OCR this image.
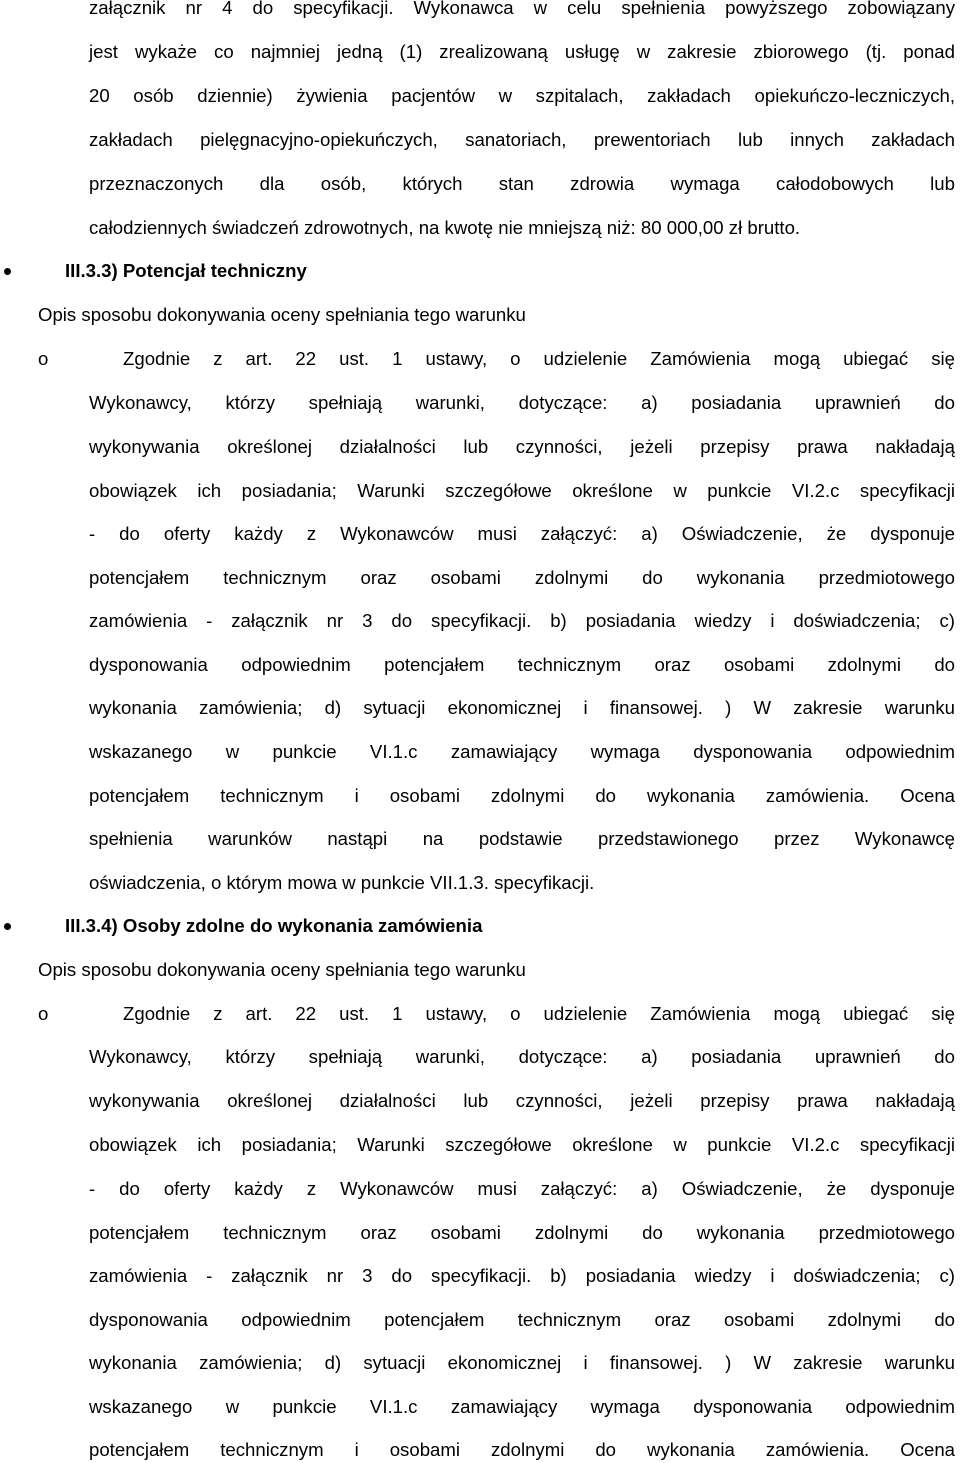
załącznik nr 4 do specyfikacji. Wykonawca w celu spełnienia powyższego zobowiązany
jest wykaże co najmniej jedną (1) zrealizowaną usługę w zakresie zbiorowego (tj. ponad
20 osób dziennie) żywienia pacjentów w szpitalach, zakładach opiekuńczo-leczniczych,
zakładach pielęgnacyjno-opiekuńczych, sanatoriach, prewentoriach lub innych zakładach
przeznaczonych dla osób, których stan zdrowia wymaga całodobowych lub
całodziennych świadczeń zdrowotnych, na kwotę nie mniejszą niż: 80 000,00 zł brutto.
III.3.3) Potencjał techniczny
Opis sposobu dokonywania oceny spełniania tego warunku
o	Zgodnie z art. 22 ust. 1 ustawy, o udzielenie Zamówienia mogą ubiegać się
Wykonawcy, którzy spełniają warunki, dotyczące: a) posiadania uprawnień do
wykonywania określonej działalności lub czynności, jeżeli przepisy prawa nakładają
obowiązek ich posiadania; Warunki szczegółowe określone w punkcie VI.2.c specyfikacji
- do oferty każdy z Wykonawców musi załączyć: a) Oświadczenie, że dysponuje
potencjałem technicznym oraz osobami zdolnymi do wykonania przedmiotowego
zamówienia - załącznik nr 3 do specyfikacji. b) posiadania wiedzy i doświadczenia; c)
dysponowania odpowiednim potencjałem technicznym oraz osobami zdolnymi do
wykonania zamówienia; d) sytuacji ekonomicznej i finansowej. ) W zakresie warunku
wskazanego w punkcie VI.1.c zamawiający wymaga dysponowania odpowiednim
potencjałem technicznym i osobami zdolnymi do wykonania zamówienia. Ocena
spełnienia warunków nastąpi na podstawie przedstawionego przez Wykonawcę
oświadczenia, o którym mowa w punkcie VII.1.3. specyfikacji.
III.3.4) Osoby zdolne do wykonania zamówienia
Opis sposobu dokonywania oceny spełniania tego warunku
o	Zgodnie z art. 22 ust. 1 ustawy, o udzielenie Zamówienia mogą ubiegać się
Wykonawcy, którzy spełniają warunki, dotyczące: a) posiadania uprawnień do
wykonywania określonej działalności lub czynności, jeżeli przepisy prawa nakładają
obowiązek ich posiadania; Warunki szczegółowe określone w punkcie VI.2.c specyfikacji
- do oferty każdy z Wykonawców musi załączyć: a) Oświadczenie, że dysponuje
potencjałem technicznym oraz osobami zdolnymi do wykonania przedmiotowego
zamówienia - załącznik nr 3 do specyfikacji. b) posiadania wiedzy i doświadczenia; c)
dysponowania odpowiednim potencjałem technicznym oraz osobami zdolnymi do
wykonania zamówienia; d) sytuacji ekonomicznej i finansowej. ) W zakresie warunku
wskazanego w punkcie VI.1.c zamawiający wymaga dysponowania odpowiednim
potencjałem technicznym i osobami zdolnymi do wykonania zamówienia. Ocena
